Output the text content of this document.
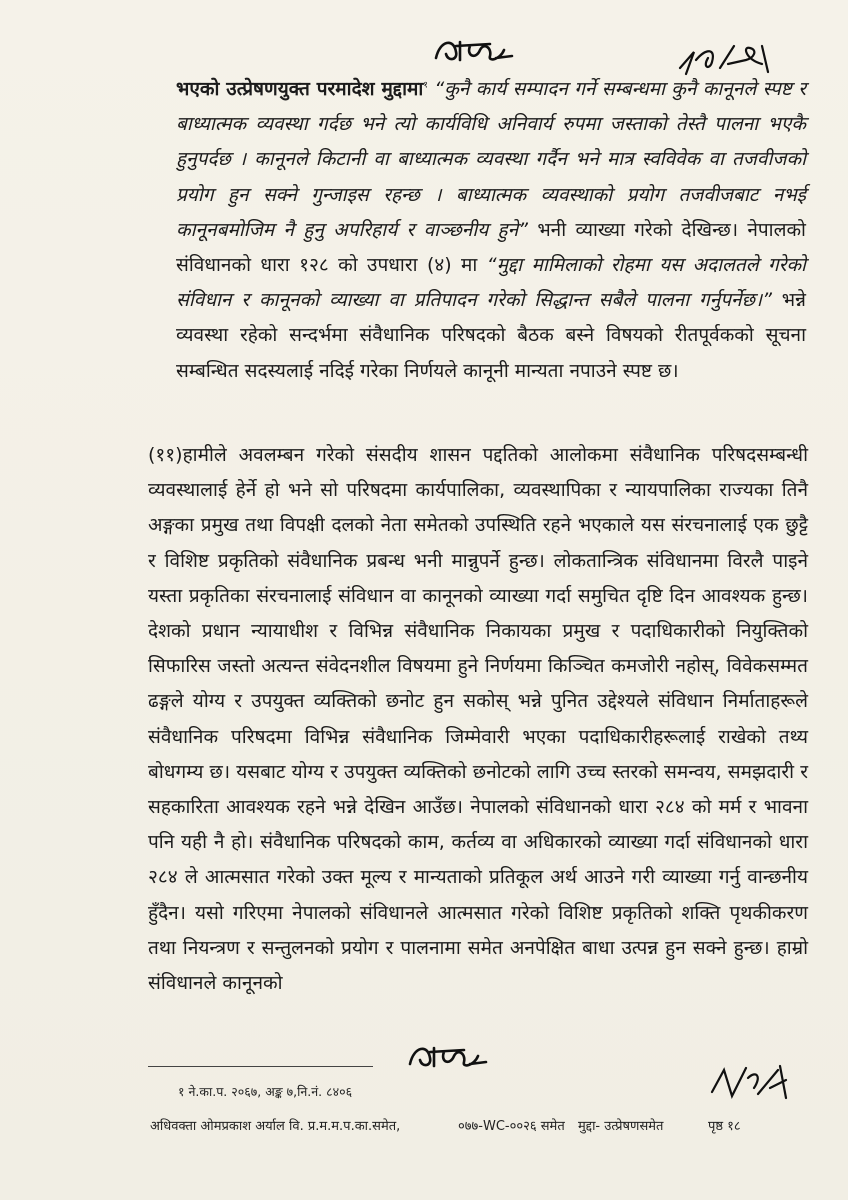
भएको उत्प्रेषणयुक्त परमादेश मुद्दामा$^१$ “कुनै कार्य सम्पादन गर्ने सम्बन्धमा कुनै कानूनले स्पष्ट र बाध्यात्मक व्यवस्था गर्दछ भने त्यो कार्यविधि अनिवार्य रुपमा जस्ताको तेस्तै पालना भएकै हुनुपर्दछ । कानूनले किटानी वा बाध्यात्मक व्यवस्था गर्दैन भने मात्र स्वविवेक वा तजवीजको प्रयोग हुन सक्ने गुन्जाइस रहन्छ । बाध्यात्मक व्यवस्थाको प्रयोग तजवीजबाट नभई कानूनबमोजिम नै हुनु अपरिहार्य र वाञ्छनीय हुने” भनी व्याख्या गरेको देखिन्छ। नेपालको संविधानको धारा १२८ को उपधारा (४) मा “मुद्दा मामिलाको रोहमा यस अदालतले गरेको संविधान र कानूनको व्याख्या वा प्रतिपादन गरेको सिद्धान्त सबैले पालना गर्नुपर्नेछ।” भन्ने व्यवस्था रहेको सन्दर्भमा संवैधानिक परिषदको बैठक बस्ने विषयको रीतपूर्वकको सूचना सम्बन्धित सदस्यलाई नदिई गरेका निर्णयले कानूनी मान्यता नपाउने स्पष्ट छ।

(११)हामीले अवलम्बन गरेको संसदीय शासन पद्दतिको आलोकमा संवैधानिक परिषदसम्बन्धी व्यवस्थालाई हेर्ने हो भने सो परिषदमा कार्यपालिका, व्यवस्थापिका र न्यायपालिका राज्यका तिनै अङ्गका प्रमुख तथा विपक्षी दलको नेता समेतको उपस्थिति रहने भएकाले यस संरचनालाई एक छुट्टै र विशिष्ट प्रकृतिको संवैधानिक प्रबन्ध भनी मान्नुपर्ने हुन्छ। लोकतान्त्रिक संविधानमा विरलै पाइने यस्ता प्रकृतिका संरचनालाई संविधान वा कानूनको व्याख्या गर्दा समुचित दृष्टि दिन आवश्यक हुन्छ। देशको प्रधान न्यायाधीश र विभिन्न संवैधानिक निकायका प्रमुख र पदाधिकारीको नियुक्तिको सिफारिस जस्तो अत्यन्त संवेदनशील विषयमा हुने निर्णयमा किञ्चित कमजोरी नहोस्, विवेकसम्मत ढङ्गले योग्य र उपयुक्त व्यक्तिको छनोट हुन सकोस् भन्ने पुनित उद्देश्यले संविधान निर्माताहरूले संवैधानिक परिषदमा विभिन्न संवैधानिक जिम्मेवारी भएका पदाधिकारीहरूलाई राखेको तथ्य बोधगम्य छ। यसबाट योग्य र उपयुक्त व्यक्तिको छनोटको लागि उच्च स्तरको समन्वय, समझदारी र सहकारिता आवश्यक रहने भन्ने देखिन आउँछ। नेपालको संविधानको धारा २८४ को मर्म र भावना पनि यही नै हो। संवैधानिक परिषदको काम, कर्तव्य वा अधिकारको व्याख्या गर्दा संविधानको धारा २८४ ले आत्मसात गरेको उक्त मूल्य र मान्यताको प्रतिकूल अर्थ आउने गरी व्याख्या गर्नु वान्छनीय हुँदैन। यसो गरिएमा नेपालको संविधानले आत्मसात गरेको विशिष्ट प्रकृतिको शक्ति पृथकीकरण तथा नियन्त्रण र सन्तुलनको प्रयोग र पालनामा समेत अनपेक्षित बाधा उत्पन्न हुन सक्ने हुन्छ। हाम्रो संविधानले कानूनको

१ ने.का.प. २०६७, अङ्क ७,नि.नं. ८४०६
अधिवक्ता ओमप्रकाश अर्याल वि. प्र.म.म.प.का.समेत,	०७७-WC-००२६ समेत मुद्दा- उत्प्रेषणसमेत	पृष्ठ १८
